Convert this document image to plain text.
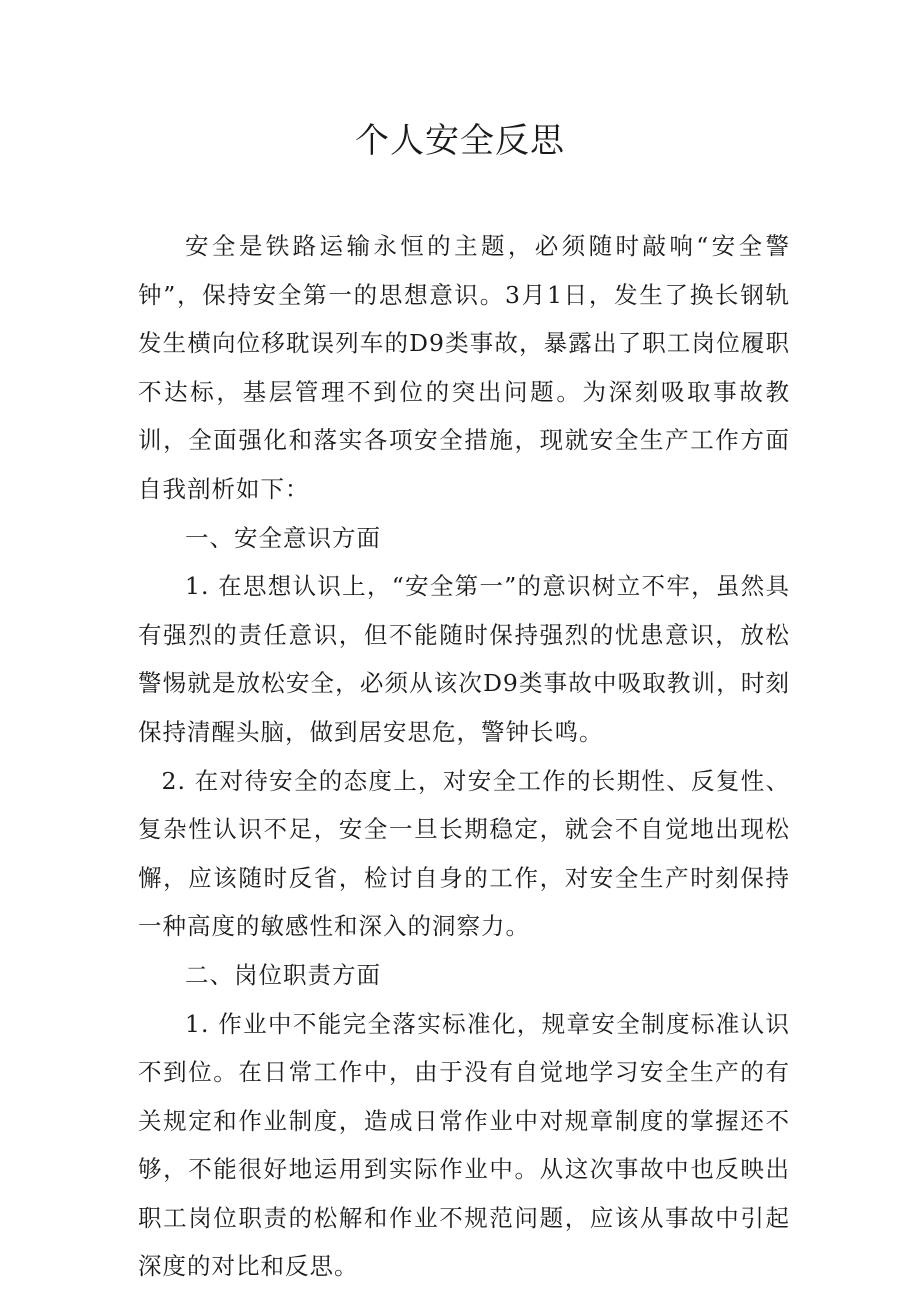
个人安全反思

安全是铁路运输永恒的主题，必须随时敲响“安全警钟”，保持安全第一的思想意识。3月1日，发生了换长钢轨发生横向位移耽误列车的D9类事故，暴露出了职工岗位履职不达标，基层管理不到位的突出问题。为深刻吸取事故教训，全面强化和落实各项安全措施，现就安全生产工作方面自我剖析如下：

一、安全意识方面

1. 在思想认识上，“安全第一”的意识树立不牢，虽然具有强烈的责任意识，但不能随时保持强烈的忧患意识，放松警惕就是放松安全，必须从该次D9类事故中吸取教训，时刻保持清醒头脑，做到居安思危，警钟长鸣。

2. 在对待安全的态度上，对安全工作的长期性、反复性、复杂性认识不足，安全一旦长期稳定，就会不自觉地出现松懈，应该随时反省，检讨自身的工作，对安全生产时刻保持一种高度的敏感性和深入的洞察力。

二、岗位职责方面

1. 作业中不能完全落实标准化，规章安全制度标准认识不到位。在日常工作中，由于没有自觉地学习安全生产的有关规定和作业制度，造成日常作业中对规章制度的掌握还不够，不能很好地运用到实际作业中。从这次事故中也反映出职工岗位职责的松解和作业不规范问题，应该从事故中引起深度的对比和反思。
